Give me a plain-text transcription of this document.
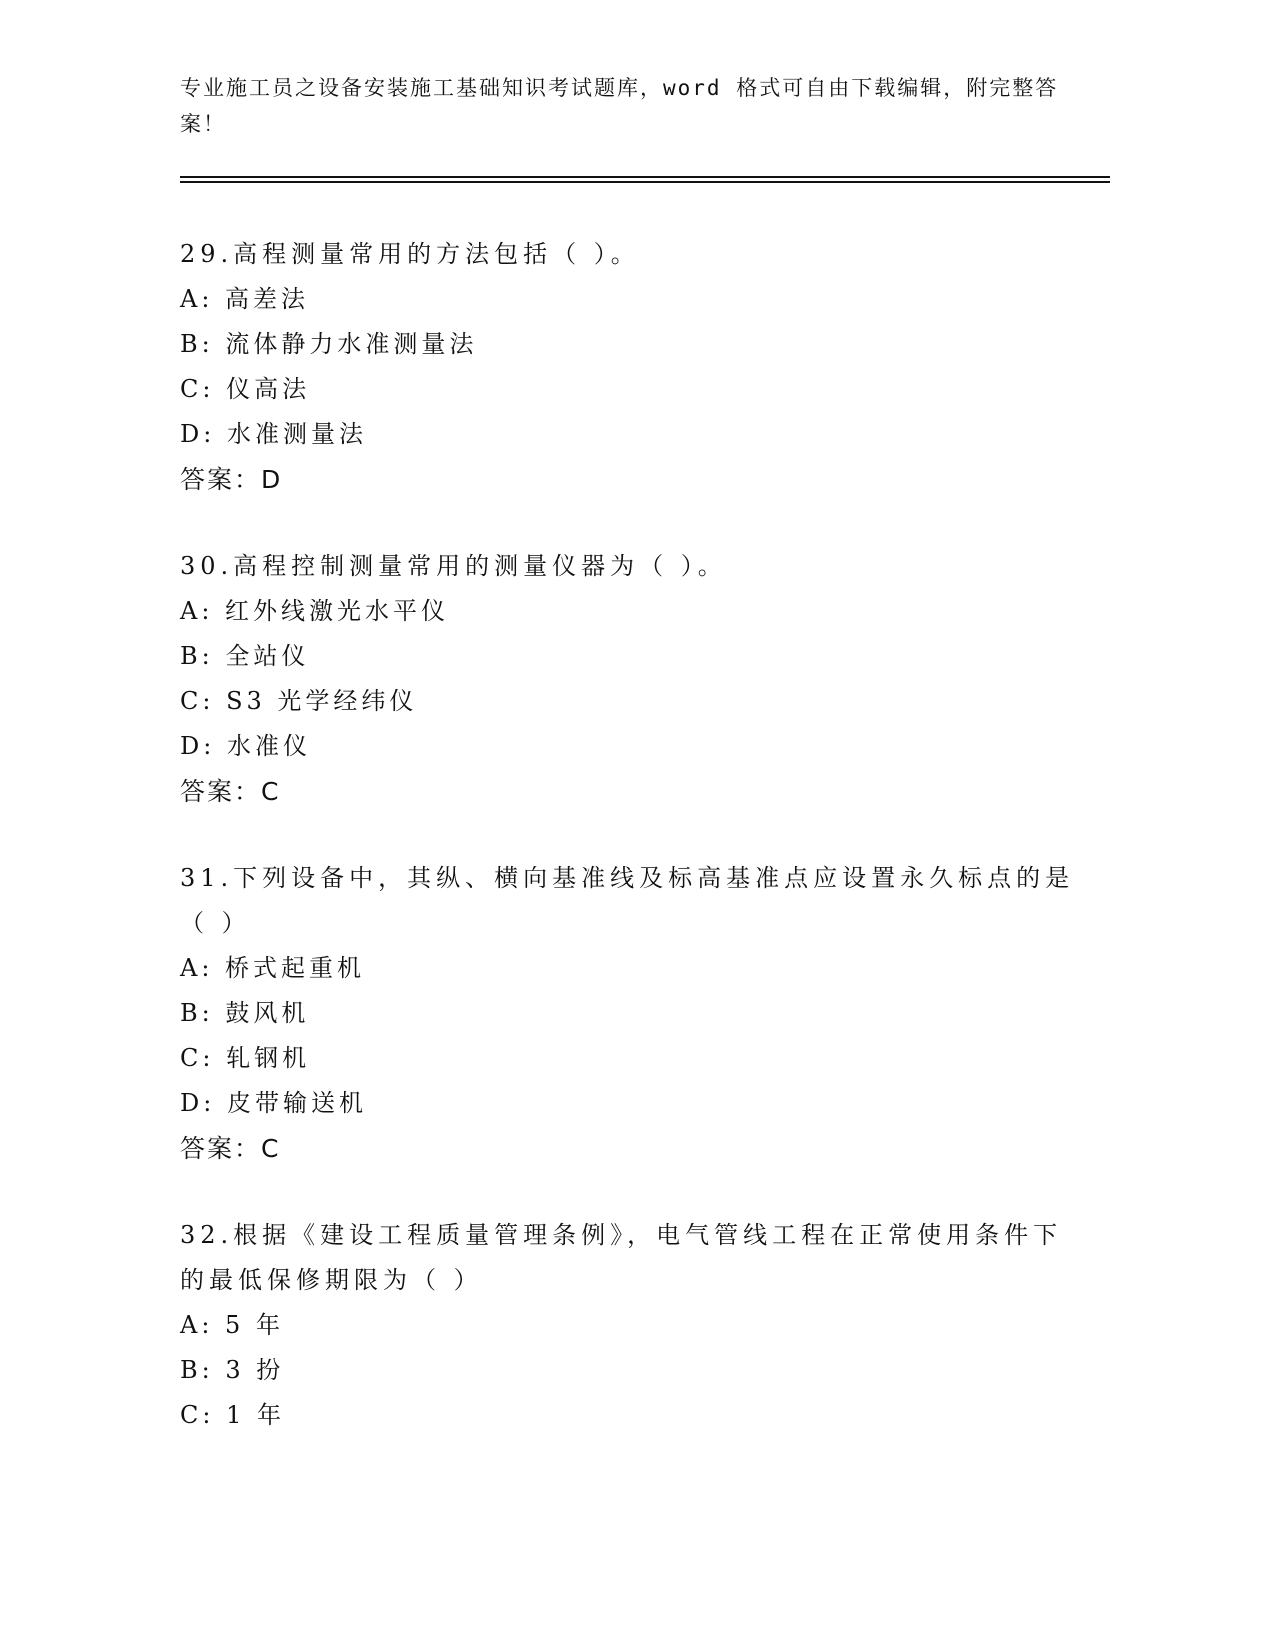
专业施工员之设备安装施工基础知识考试题库，word 格式可自由下载编辑，附完整答案！
29.高程测量常用的方法包括（ ）。
A: 高差法
B: 流体静力水准测量法
C: 仪高法
D: 水准测量法
答案：D
30.高程控制测量常用的测量仪器为（ ）。
A: 红外线激光水平仪
B: 全站仪
C: S3 光学经纬仪
D: 水准仪
答案：C
31.下列设备中，其纵、横向基准线及标高基准点应设置永久标点的是（ ）
A: 桥式起重机
B: 鼓风机
C: 轧钢机
D: 皮带输送机
答案：C
32.根据《建设工程质量管理条例》，电气管线工程在正常使用条件下的最低保修期限为（ ）
A: 5 年
B: 3 扮
C: 1 年
